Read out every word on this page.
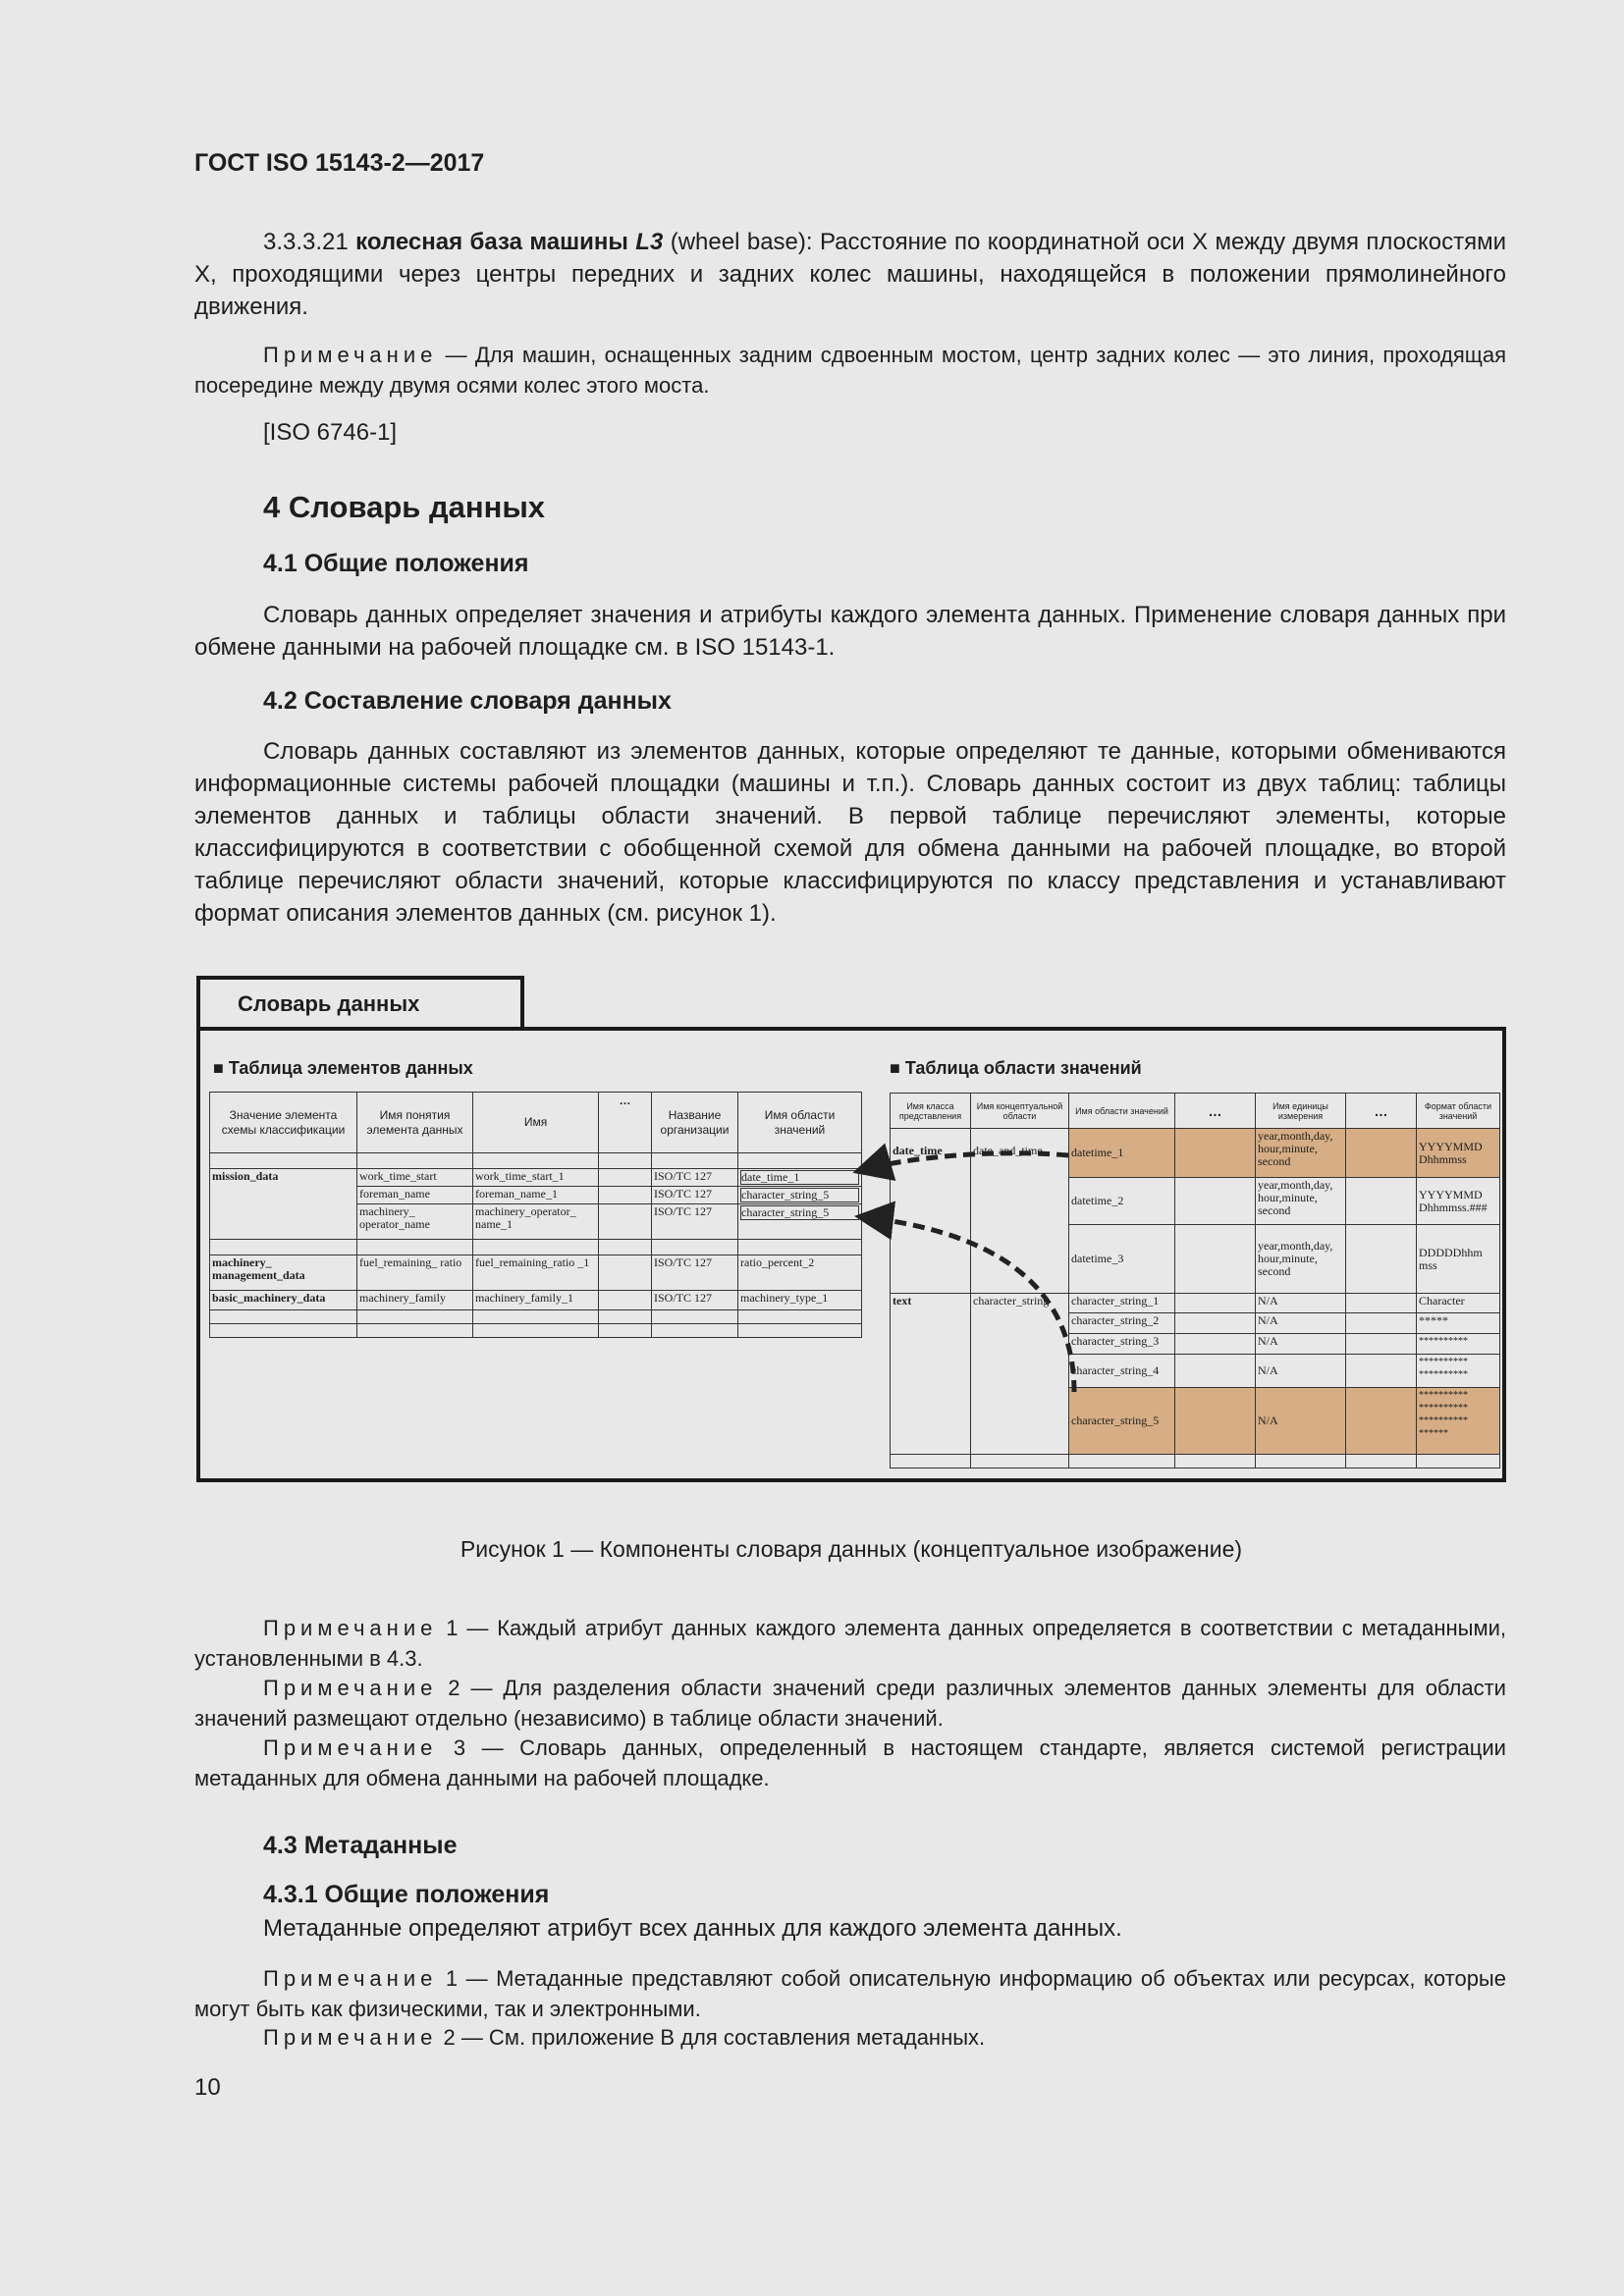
ГОСТ ISO 15143-2—2017
3.3.3.21 колесная база машины L3 (wheel base): Расстояние по координатной оси X между двумя плоскостями X, проходящими через центры передних и задних колес машины, находящейся в положении прямолинейного движения.
Примечание — Для машин, оснащенных задним сдвоенным мостом, центр задних колес — это линия, проходящая посередине между двумя осями колес этого моста.
[ISO 6746-1]
4 Словарь данных
4.1 Общие положения
Словарь данных определяет значения и атрибуты каждого элемента данных. Применение словаря данных при обмене данными на рабочей площадке см. в ISO 15143-1.
4.2 Составление словаря данных
Словарь данных составляют из элементов данных, которые определяют те данные, которыми обмениваются информационные системы рабочей площадки (машины и т.п.). Словарь данных состоит из двух таблиц: таблицы элементов данных и таблицы области значений. В первой таблице перечисляют элементы, которые классифицируются в соответствии с обобщенной схемой для обмена данными на рабочей площадке, во второй таблице перечисляют области значений, которые классифицируются по классу представления и устанавливают формат описания элементов данных (см. рисунок 1).
Словарь данных
■ Таблица элементов данных	■ Таблица области значений
Значение элемента схемы классификации	Имя понятия элемента данных	Имя	…	Название организации	Имя области значений

mission_data	work_time_start	work_time_start_1		ISO/TC 127	date_time_1

	foreman_name	foreman_name_1		ISO/TC 127	character_string_5

	machinery_ operator_name	machinery_operator_ name_1		ISO/TC 127	character_string_5

machinery_ management_data	fuel_remaining_ ratio	fuel_remaining_ratio _1		ISO/TC 127	ratio_percent_2
basic_machinery_data	machinery_family	machinery_family_1		ISO/TC 127	machinery_type_1

Имя класса представления	Имя концептуальной области	Имя области значений	…	Имя единицы измерения	…	Формат области значений
date_time	date_and_time	datetime_1		year,month,day, hour,minute, second		YYYYMMD Dhhmmss
		datetime_2		year,month,day, hour,minute, second		YYYYMMD Dhhmmss.###
		datetime_3		year,month,day, hour,minute, second		DDDDDhhm mss
text	character_string	character_string_1		N/A		Character
		character_string_2		N/A		*****
		character_string_3		N/A		**********
		character_string_4		N/A		********** **********
		character_string_5		N/A		********** ********** ********** ******

Рисунок 1 — Компоненты словаря данных (концептуальное изображение)
Примечание 1 — Каждый атрибут данных каждого элемента данных определяется в соответствии с метаданными, установленными в 4.3.
Примечание 2 — Для разделения области значений среди различных элементов данных элементы для области значений размещают отдельно (независимо) в таблице области значений.
Примечание 3 — Словарь данных, определенный в настоящем стандарте, является системой регистрации метаданных для обмена данными на рабочей площадке.
4.3 Метаданные
4.3.1 Общие положения
Метаданные определяют атрибут всех данных для каждого элемента данных.
Примечание 1 — Метаданные представляют собой описательную информацию об объектах или ресурсах, которые могут быть как физическими, так и электронными.
Примечание 2 — См. приложение В для составления метаданных.
10
